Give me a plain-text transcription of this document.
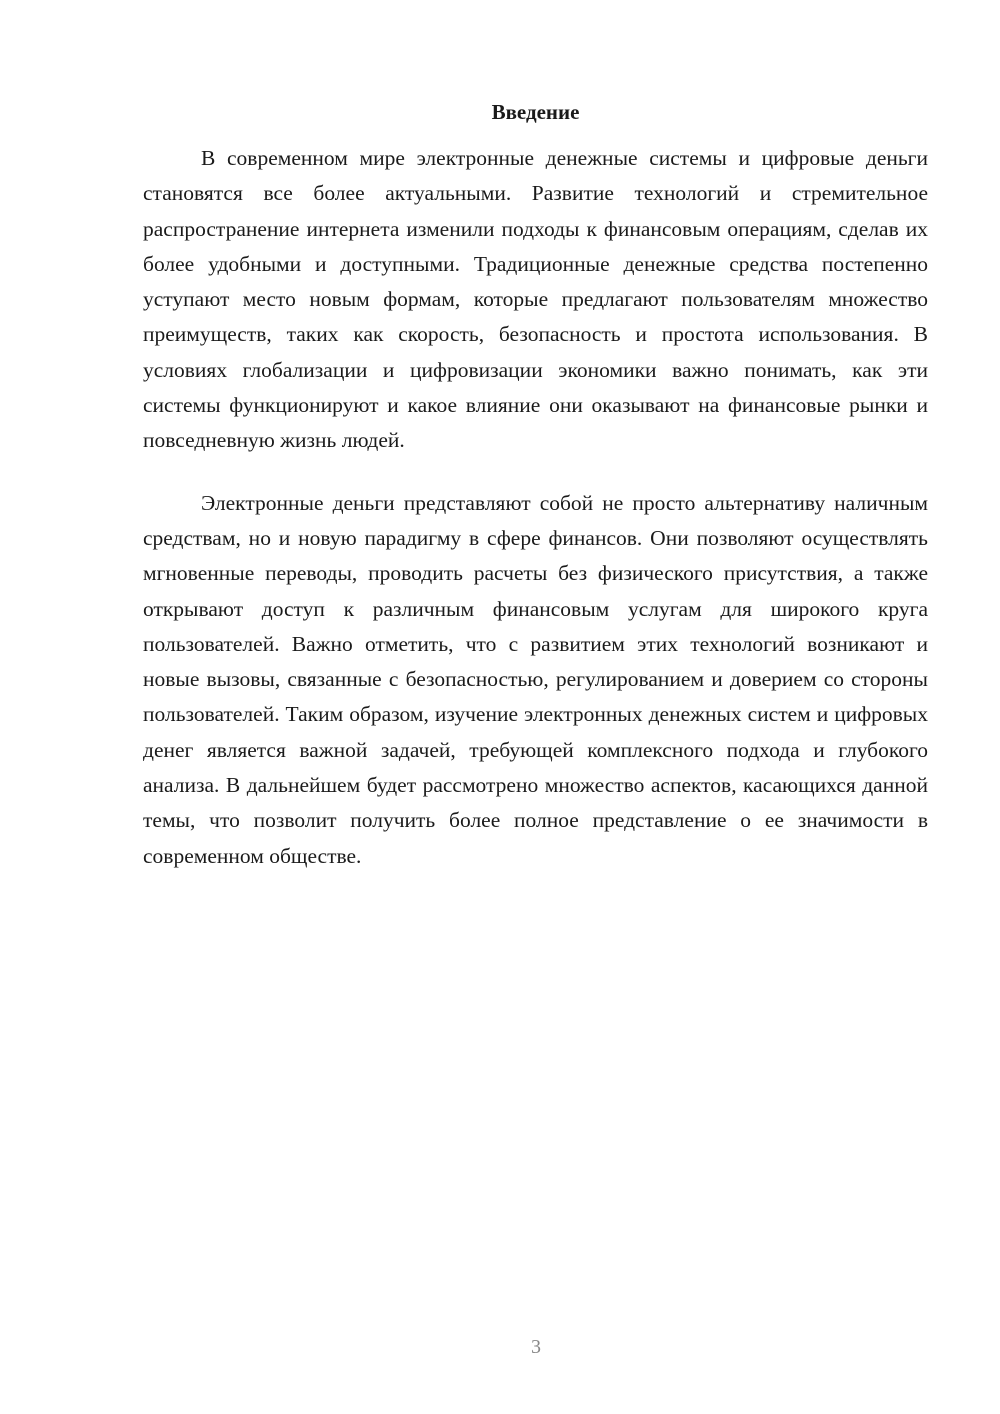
Введение

В современном мире электронные денежные системы и цифровые деньги становятся все более актуальными. Развитие технологий и стремительное распространение интернета изменили подходы к финансовым операциям, сделав их более удобными и доступными. Традиционные денежные средства постепенно уступают место новым формам, которые предлагают пользователям множество преимуществ, таких как скорость, безопасность и простота использования. В условиях глобализации и цифровизации экономики важно понимать, как эти системы функционируют и какое влияние они оказывают на финансовые рынки и повседневную жизнь людей.

Электронные деньги представляют собой не просто альтернативу наличным средствам, но и новую парадигму в сфере финансов. Они позволяют осуществлять мгновенные переводы, проводить расчеты без физического присутствия, а также открывают доступ к различным финансовым услугам для широкого круга пользователей. Важно отметить, что с развитием этих технологий возникают и новые вызовы, связанные с безопасностью, регулированием и доверием со стороны пользователей. Таким образом, изучение электронных денежных систем и цифровых денег является важной задачей, требующей комплексного подхода и глубокого анализа. В дальнейшем будет рассмотрено множество аспектов, касающихся данной темы, что позволит получить более полное представление о ее значимости в современном обществе.

3
